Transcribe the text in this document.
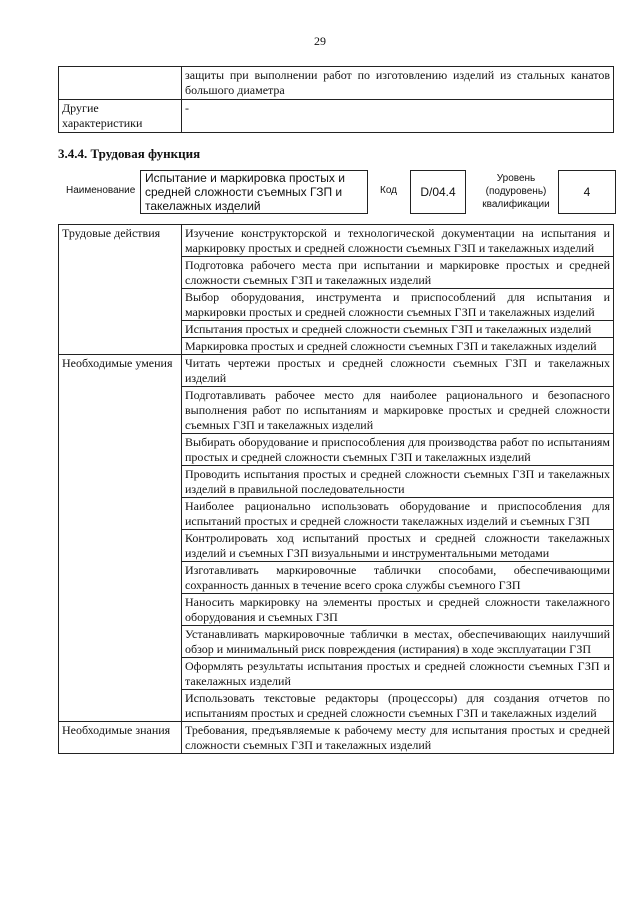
29
	защиты при выполнении работ по изготовлению изделий из стальных канатов большого диаметра
Другие характеристики	-
3.4.4. Трудовая функция
Наименование
Испытание и маркировка простых и средней сложности съемных ГЗП и такелажных изделий
Код	D/04.4
Уровень (подуровень) квалификации
4
Трудовые действия	Изучение конструкторской и технологической документации на испытания и маркировку простых и средней сложности съемных ГЗП и такелажных изделий
	Подготовка рабочего места при испытании и маркировке простых и средней сложности съемных ГЗП и такелажных изделий
	Выбор оборудования, инструмента и приспособлений для испытания и маркировки простых и средней сложности съемных ГЗП и такелажных изделий
	Испытания простых и средней сложности съемных ГЗП и такелажных изделий
	Маркировка простых и средней сложности съемных ГЗП и такелажных изделий
Необходимые умения	Читать чертежи простых и средней сложности съемных ГЗП и такелажных изделий
	Подготавливать рабочее место для наиболее рационального и безопасного выполнения работ по испытаниям и маркировке простых и средней сложности съемных ГЗП и такелажных изделий
	Выбирать оборудование и приспособления для производства работ по испытаниям простых и средней сложности съемных ГЗП и такелажных изделий
	Проводить испытания простых и средней сложности съемных ГЗП и такелажных изделий в правильной последовательности
	Наиболее рационально использовать оборудование и приспособления для испытаний простых и средней сложности такелажных изделий и съемных ГЗП
	Контролировать ход испытаний простых и средней сложности такелажных изделий и съемных ГЗП визуальными и инструментальными методами
	Изготавливать маркировочные таблички способами, обеспечивающими сохранность данных в течение всего срока службы съемного ГЗП
	Наносить маркировку на элементы простых и средней сложности такелажного оборудования и съемных ГЗП
	Устанавливать маркировочные таблички в местах, обеспечивающих наилучший обзор и минимальный риск повреждения (истирания) в ходе эксплуатации ГЗП
	Оформлять результаты испытания простых и средней сложности съемных ГЗП и такелажных изделий
	Использовать текстовые редакторы (процессоры) для создания отчетов по испытаниям простых и средней сложности съемных ГЗП и такелажных изделий
Необходимые знания	Требования, предъявляемые к рабочему месту для испытания простых и средней сложности съемных ГЗП и такелажных изделий
